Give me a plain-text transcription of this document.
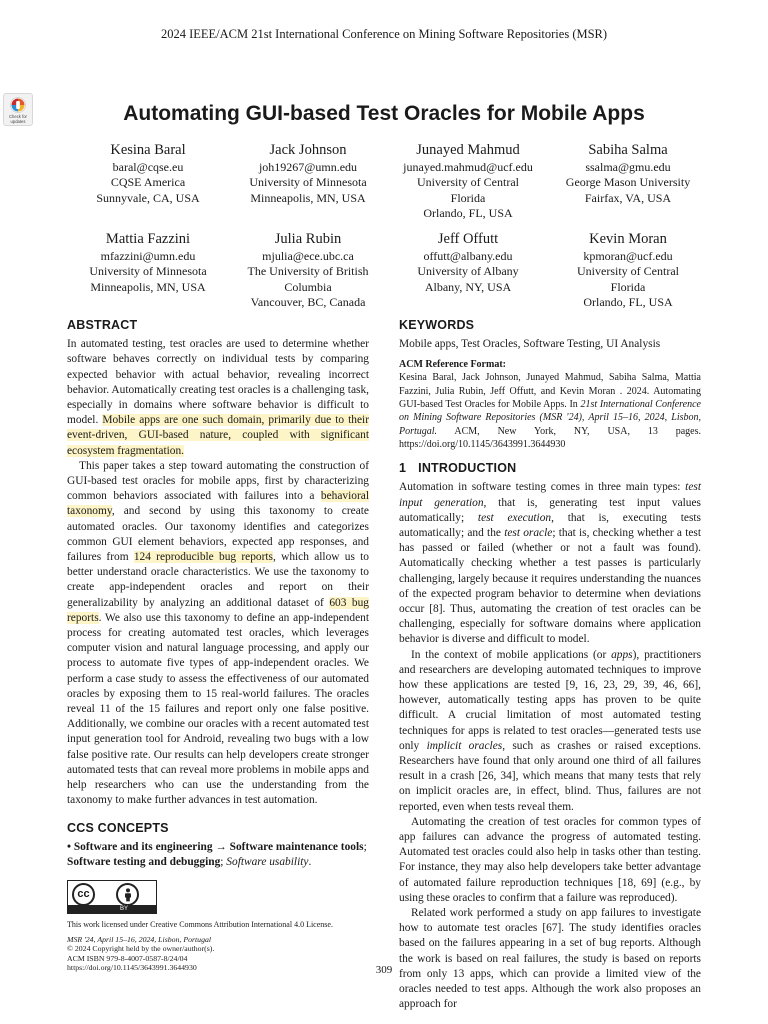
2024 IEEE/ACM 21st International Conference on Mining Software Repositories (MSR)
Check for
updates	Automating GUI-based Test Oracles for Mobile Apps
Kesina Baral
baral@cqse.eu
CQSE America
Sunnyvale, CA, USA
Jack Johnson
joh19267@umn.edu
University of Minnesota
Minneapolis, MN, USA
Junayed Mahmud
junayed.mahmud@ucf.edu
University of Central
Florida
Orlando, FL, USA
Sabiha Salma
ssalma@gmu.edu
George Mason University
Fairfax, VA, USA
Mattia Fazzini
mfazzini@umn.edu
University of Minnesota
Minneapolis, MN, USA
Julia Rubin
mjulia@ece.ubc.ca
The University of British
Columbia
Vancouver, BC, Canada
Jeff Offutt
offutt@albany.edu
University of Albany
Albany, NY, USA
Kevin Moran
kpmoran@ucf.edu
University of Central
Florida
Orlando, FL, USA
ABSTRACT

In automated testing, test oracles are used to determine whether software behaves correctly on individual tests by comparing expected behavior with actual behavior, revealing incorrect behavior. Automatically creating test oracles is a challenging task, especially in domains where software behavior is difficult to model. Mobile apps are one such domain, primarily due to their event-driven, GUI-based nature, coupled with significant ecosystem fragmentation.

This paper takes a step toward automating the construction of GUI-based test oracles for mobile apps, first by characterizing common behaviors associated with failures into a behavioral taxonomy, and second by using this taxonomy to create automated oracles. Our taxonomy identifies and categorizes common GUI element behaviors, expected app responses, and failures from 124 reproducible bug reports, which allow us to better understand oracle characteristics. We use the taxonomy to create app-independent oracles and report on their generalizability by analyzing an additional dataset of 603 bug reports. We also use this taxonomy to define an app-independent process for creating automated test oracles, which leverages computer vision and natural language processing, and apply our process to automate five types of app-independent oracles. We perform a case study to assess the effectiveness of our automated oracles by exposing them to 15 real-world failures. The oracles reveal 11 of the 15 failures and report only one false positive. Additionally, we combine our oracles with a recent automated test input generation tool for Android, revealing two bugs with a low false positive rate. Our results can help developers create stronger automated tests that can reveal more problems in mobile apps and help researchers who can use the understanding from the taxonomy to make further advances in test automation.

CCS CONCEPTS

• Software and its engineering → Software maintenance tools; Software testing and debugging; Software usability.

cc
BY
This work licensed under Creative Commons Attribution International 4.0 License.
MSR '24, April 15–16, 2024, Lisbon, Portugal
© 2024 Copyright held by the owner/author(s).
ACM ISBN 979-8-4007-0587-8/24/04
https://doi.org/10.1145/3643991.3644930
KEYWORDS

Mobile apps, Test Oracles, Software Testing, UI Analysis

ACM Reference Format:

Kesina Baral, Jack Johnson, Junayed Mahmud, Sabiha Salma, Mattia Fazzini, Julia Rubin, Jeff Offutt, and Kevin Moran . 2024. Automating GUI-based Test Oracles for Mobile Apps. In 21st International Conference on Mining Software Repositories (MSR '24), April 15–16, 2024, Lisbon, Portugal. ACM, New York, NY, USA, 13 pages. https://doi.org/10.1145/3643991.3644930

1 INTRODUCTION

Automation in software testing comes in three main types: test input generation, that is, generating test input values automatically; test execution, that is, executing tests automatically; and the test oracle; that is, checking whether a test has passed or failed (whether or not a fault was found). Automatically checking whether a test passes is particularly challenging, largely because it requires understanding the nuances of the expected program behavior to determine when deviations occur [8]. Thus, automating the creation of test oracles can be challenging, especially for software domains where application behavior is diverse and difficult to model.

In the context of mobile applications (or apps), practitioners and researchers are developing automated techniques to improve how these applications are tested [9, 16, 23, 29, 39, 46, 66], however, automatically testing apps has proven to be quite difficult. A crucial limitation of most automated testing techniques for apps is related to test oracles—generated tests use only implicit oracles, such as crashes or raised exceptions. Researchers have found that only around one third of all failures result in a crash [26, 34], which means that many tests that rely on implicit oracles are, in effect, blind. Thus, failures are not reported, even when tests reveal them.

Automating the creation of test oracles for common types of app failures can advance the progress of automated testing. Automated test oracles could also help in tasks other than testing. For instance, they may also help developers take better advantage of automated failure reproduction techniques [18, 69] (e.g., by using these oracles to confirm that a failure was reproduced).

Related work performed a study on app failures to investigate how to automate test oracles [67]. The study identifies oracles based on the failures appearing in a set of bug reports. Although the work is based on real failures, the study is based on reports from only 13 apps, which can provide a limited view of the oracles needed to test apps. Although the work also proposes an approach for

309
